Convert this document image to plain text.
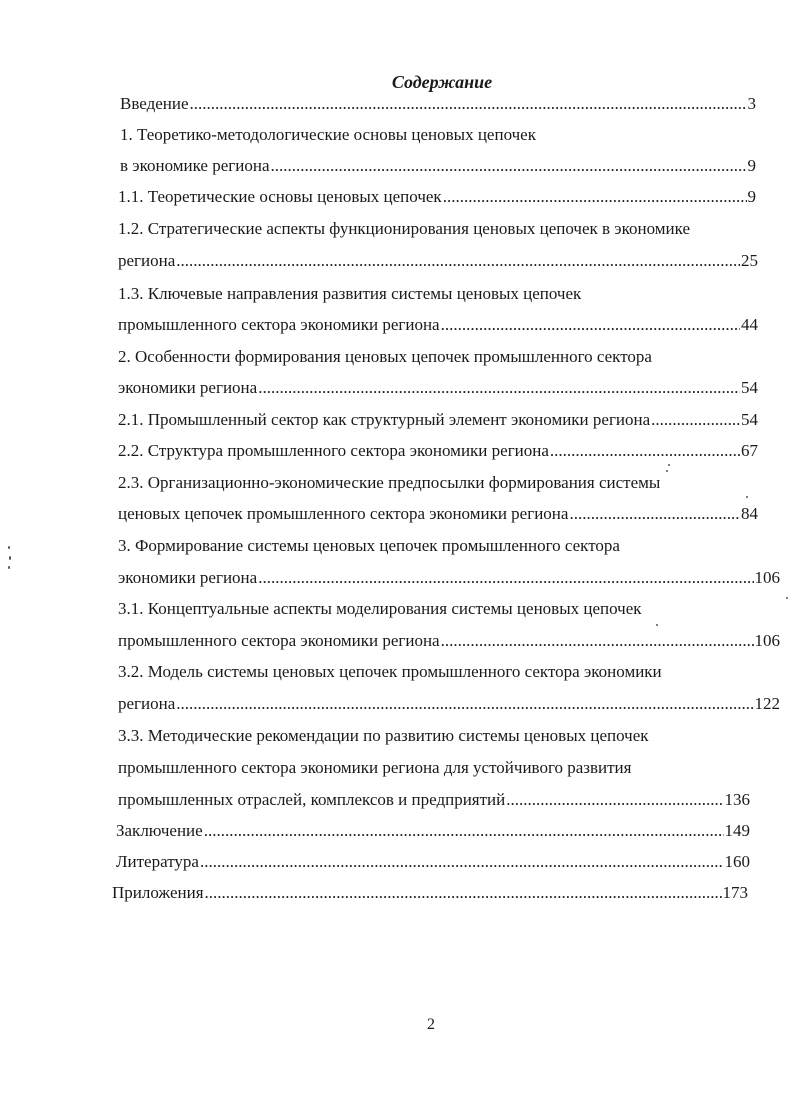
Содержание
Введение .....	3
1. Теоретико-методологические основы ценовых цепочек
в экономике региона .....	9
1.1. Теоретические основы ценовых цепочек .....	9
1.2. Стратегические аспекты функционирования ценовых цепочек в экономике
региона .....	25
1.3. Ключевые направления развития системы ценовых цепочек
промышленного сектора экономики региона .....	44
2. Особенности формирования ценовых цепочек промышленного сектора
экономики региона .....	54
2.1. Промышленный сектор как структурный элемент экономики региона .....	54
2.2. Структура промышленного сектора экономики региона .....	67
2.3. Организационно-экономические предпосылки формирования системы
ценовых цепочек промышленного сектора экономики региона .....	84
3. Формирование системы ценовых цепочек промышленного сектора
экономики региона .....	106
3.1. Концептуальные аспекты моделирования системы ценовых цепочек
промышленного сектора экономики региона .....	106
3.2. Модель системы ценовых цепочек промышленного сектора экономики
региона .....	122
3.3. Методические рекомендации по развитию системы ценовых цепочек
промышленного сектора экономики региона для устойчивого развития
промышленных отраслей, комплексов и предприятий .....	136
Заключение .....	149
Литература .....	160
Приложения .....	173
2
